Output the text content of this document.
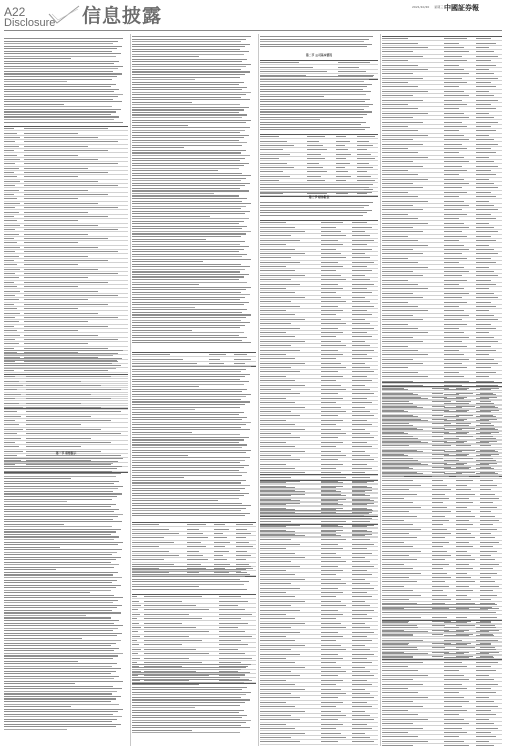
A22
Disclosure 信息披露	2021/10/20 星期三 中國証券報
第一节 重要提示
第二节 公司基本情况
第三节 财务报表
